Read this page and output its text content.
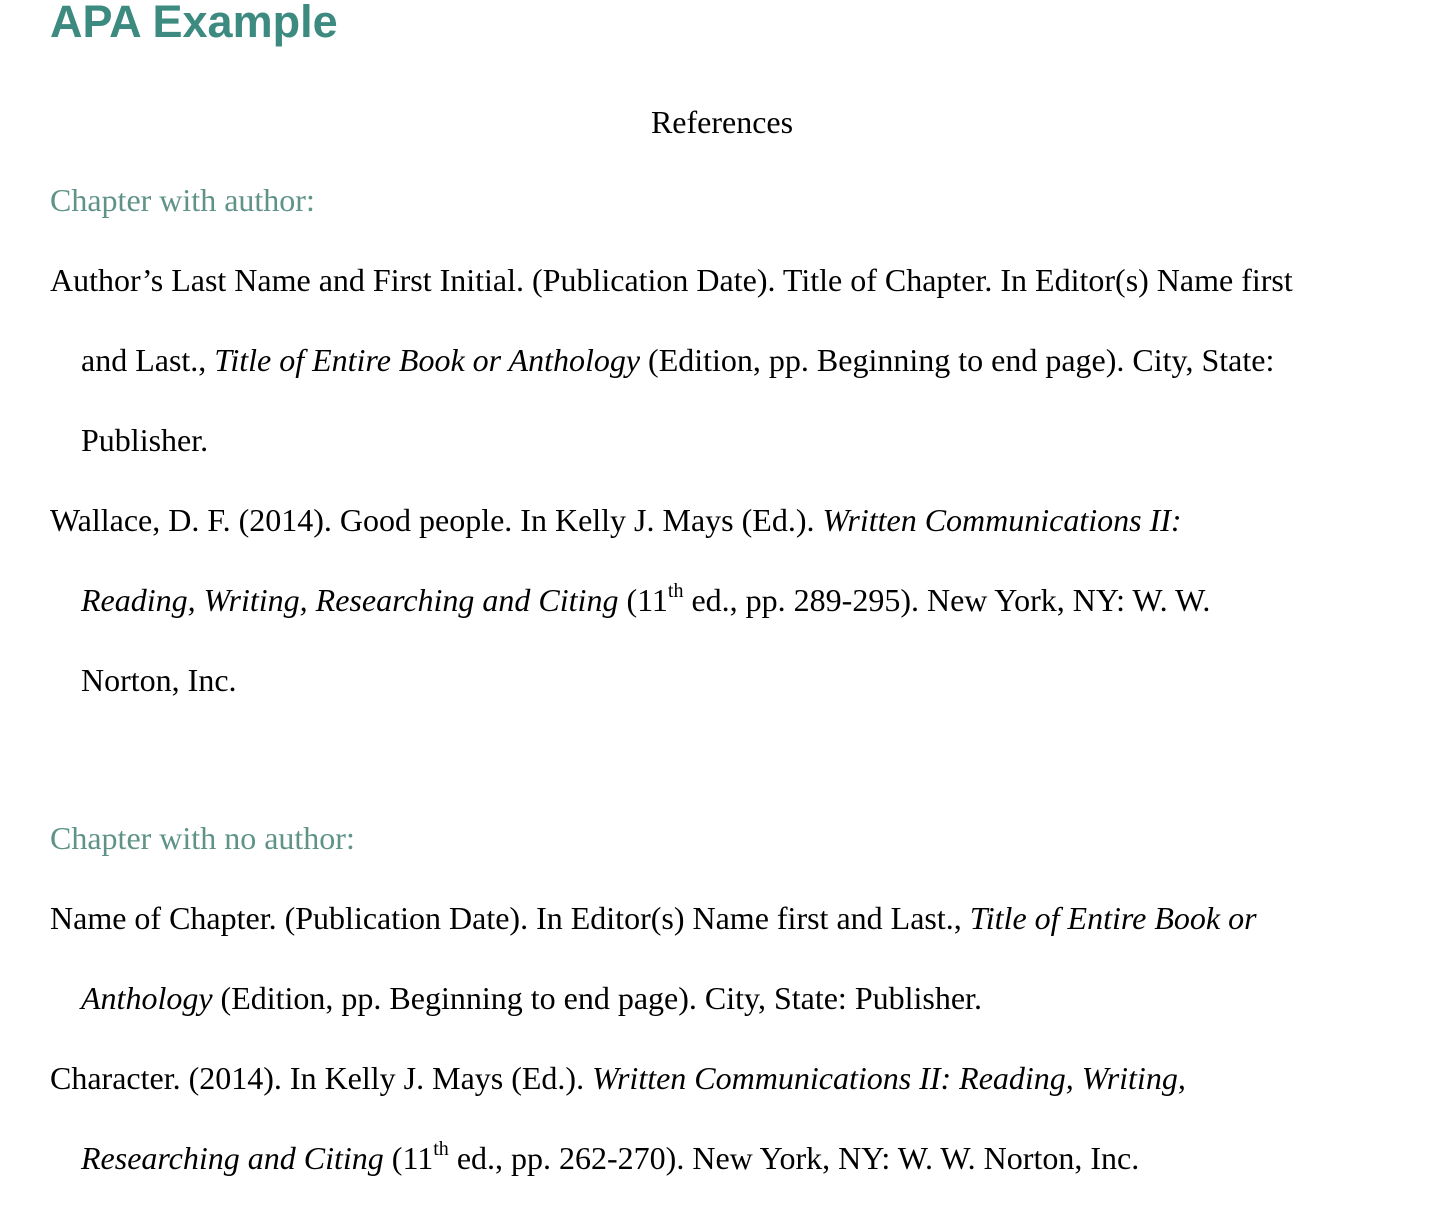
APA Example
References
Chapter with author:
Author’s Last Name and First Initial. (Publication Date). Title of Chapter. In Editor(s) Name first
and Last., Title of Entire Book or Anthology (Edition, pp. Beginning to end page). City, State:
Publisher.
Wallace, D. F. (2014). Good people. In Kelly J. Mays (Ed.). Written Communications II:
Reading, Writing, Researching and Citing (11th ed., pp. 289-295). New York, NY: W. W.
Norton, Inc.
Chapter with no author:
Name of Chapter. (Publication Date). In Editor(s) Name first and Last., Title of Entire Book or
Anthology (Edition, pp. Beginning to end page). City, State: Publisher.
Character. (2014). In Kelly J. Mays (Ed.). Written Communications II: Reading, Writing,
Researching and Citing (11th ed., pp. 262-270). New York, NY: W. W. Norton, Inc.
